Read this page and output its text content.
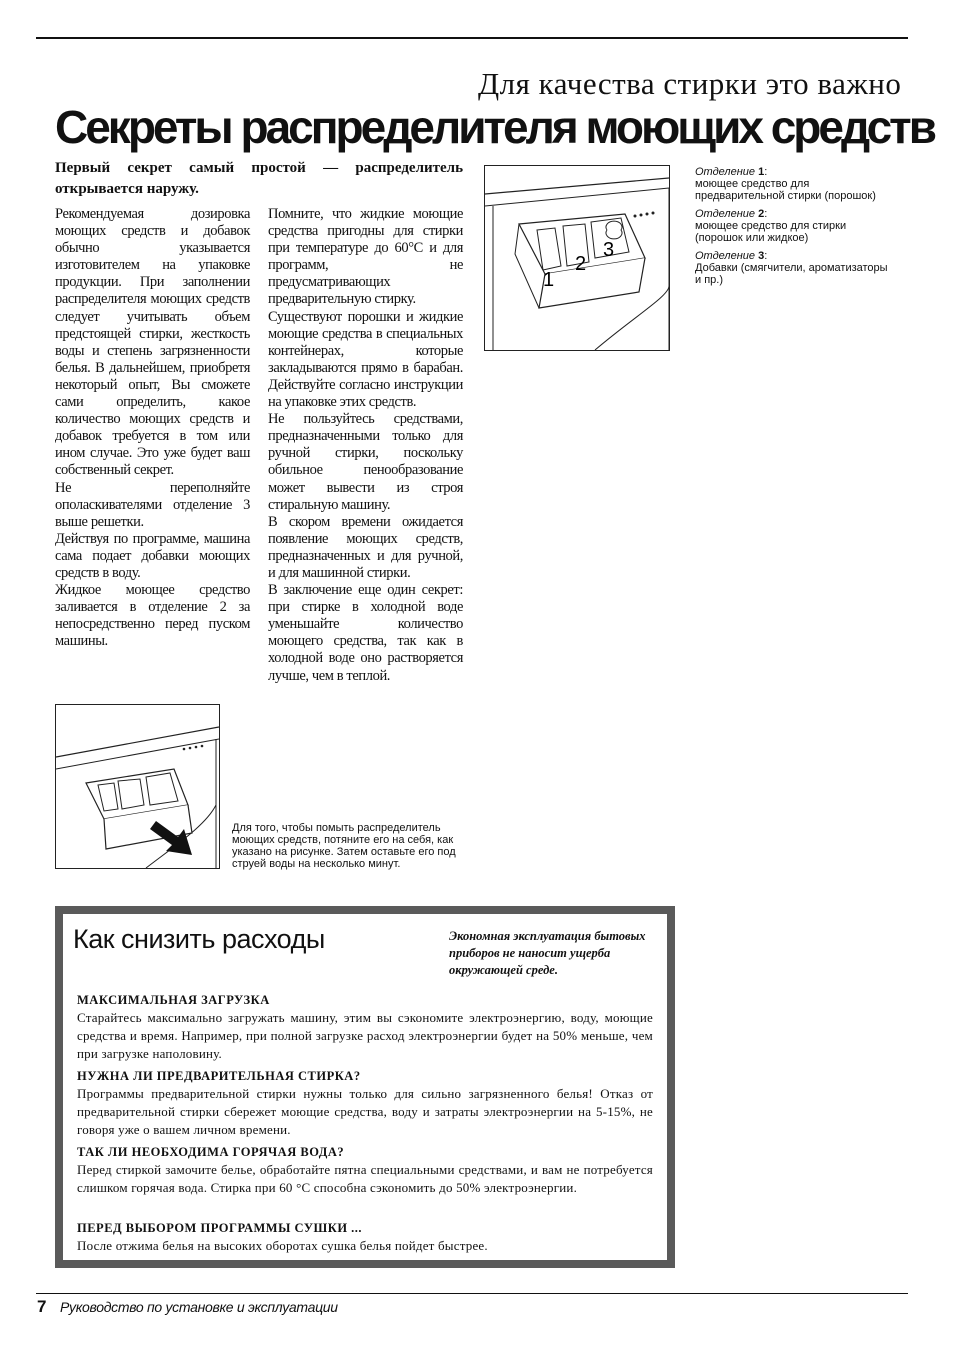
Для качества стирки это важно
Секреты распределителя моющих средств
Первый секрет самый простой — распределитель открывается наружу.

Рекомендуемая дозировка моющих средств и добавок обычно указывается изготовителем на упаковке продукции. При заполнении распределителя моющих средств следует учитывать объем предстоящей стирки, жесткость воды и степень загрязненности белья. В дальнейшем, приобретя некоторый опыт, Вы сможете сами определить, какое количество моющих средств и добавок требуется в том или ином случае. Это уже будет ваш собственный секрет.

Не переполняйте ополаскивателями отделение 3 выше решетки.

Действуя по программе, машина сама подает добавки моющих средств в воду.

Жидкое моющее средство заливается в отделение 2 за непосредственно перед пуском машины.

Помните, что жидкие моющие средства пригодны для стирки при температуре до 60°C и для программ, не предусматривающих предварительную стирку.

Существуют порошки и жидкие моющие средства в специальных контейнерах, которые закладываются прямо в барабан. Действуйте согласно инструкции на упаковке этих средств.

Не пользуйтесь средствами, предназначенными только для ручной стирки, поскольку обильное пенообразование может вывести из строя стиральную машину.

В скором времени ожидается появление моющих средств, предназначенных и для ручной, и для машинной стирки.

В заключение еще один секрет: при стирке в холодной воде уменьшайте количество моющего средства, так как в холодной воде оно растворяется лучше, чем в теплой.

1
2
3
Отделение 1:
моющее средство для предварительной стирки (порошок)
Отделение 2:
моющее средство для стирки (порошок или жидкое)
Отделение 3:
Добавки (смягчители, ароматизаторы и пр.)
Для того, чтобы помыть распределитель моющих средств, потяните его на себя, как указано на рисунке. Затем оставьте его под струей воды на несколько минут.
Как снизить расходы	Экономная эксплуатация бытовых приборов не наносит ущерба окружающей среде.
МАКСИМАЛЬНАЯ ЗАГРУЗКА

Старайтесь максимально загружать машину, этим вы сэкономите электроэнергию, воду, моющие средства и время. Например, при полной загрузке расход электроэнергии будет на 50% меньше, чем при загрузке наполовину.

НУЖНА ЛИ ПРЕДВАРИТЕЛЬНАЯ СТИРКА?

Программы предварительной стирки нужны только для сильно загрязненного белья! Отказ от предварительной стирки сбережет моющие средства, воду и затраты электроэнергии на 5-15%, не говоря уже о вашем личном времени.

ТАК ЛИ НЕОБХОДИМА ГОРЯЧАЯ ВОДА?

Перед стиркой замочите белье, обработайте пятна специальными средствами, и вам не потребуется слишком горячая вода. Стирка при 60 °C способна сэкономить до 50% электроэнергии.

ПЕРЕД ВЫБОРОМ ПРОГРАММЫ СУШКИ ...

После отжима белья на высоких оборотах сушка белья пойдет быстрее.

7 Руководство по установке и эксплуатации
